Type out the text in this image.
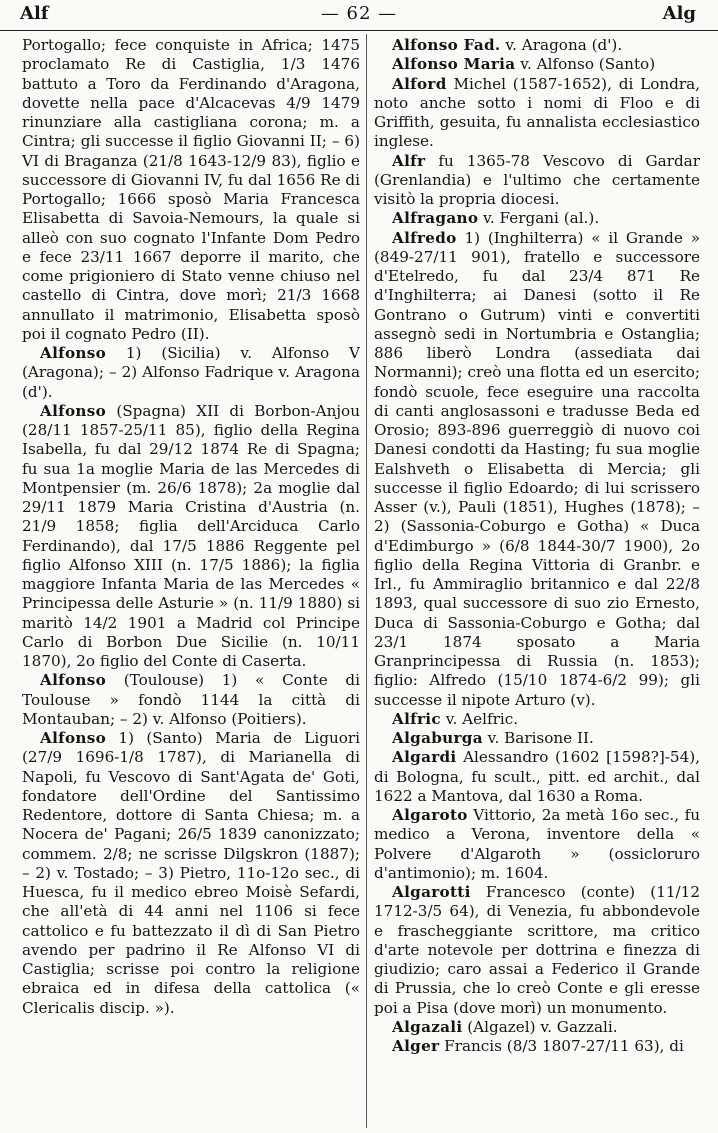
Alf	— 62 —	Alg

Portogallo; fece conquiste in Africa; 1475 proclamato Re di Castiglia, 1/3 1476 battuto a Toro da Ferdinando d'Aragona, dovette nella pace d'Alcacevas 4/9 1479 rinunziare alla castigliana corona; m. a Cintra; gli successe il figlio Giovanni II; – 6) VI di Braganza (21/8 1643-12/9 83), figlio e successore di Giovanni IV, fu dal 1656 Re di Portogallo; 1666 sposò Maria Francesca Elisabetta di Savoia-Nemours, la quale si alleò con suo cognato l'Infante Dom Pedro e fece 23/11 1667 deporre il marito, che come prigioniero di Stato venne chiuso nel castello di Cintra, dove morì; 21/3 1668 annullato il matrimonio, Elisabetta sposò poi il cognato Pedro (II).

Alfonso 1) (Sicilia) v. Alfonso V (Aragona); – 2) Alfonso Fadrique v. Aragona (d').

Alfonso (Spagna) XII di Borbon-Anjou (28/11 1857-25/11 85), figlio della Regina Isabella, fu dal 29/12 1874 Re di Spagna; fu sua 1a moglie Maria de las Mercedes di Montpensier (m. 26/6 1878); 2a moglie dal 29/11 1879 Maria Cristina d'Austria (n. 21/9 1858; figlia dell'Arciduca Carlo Ferdinando), dal 17/5 1886 Reggente pel figlio Alfonso XIII (n. 17/5 1886); la figlia maggiore Infanta Maria de las Mercedes « Principessa delle Asturie » (n. 11/9 1880) si maritò 14/2 1901 a Madrid col Principe Carlo di Borbon Due Sicilie (n. 10/11 1870), 2o figlio del Conte di Caserta.

Alfonso (Toulouse) 1) « Conte di Toulouse » fondò 1144 la città di Montauban; – 2) v. Alfonso (Poitiers).

Alfonso 1) (Santo) Maria de Liguori (27/9 1696-1/8 1787), di Marianella di Napoli, fu Vescovo di Sant'Agata de' Goti, fondatore dell'Ordine del Santissimo Redentore, dottore di Santa Chiesa; m. a Nocera de' Pagani; 26/5 1839 canonizzato; commem. 2/8; ne scrisse Dilgskron (1887); – 2) v. Tostado; – 3) Pietro, 11o-12o sec., di Huesca, fu il medico ebreo Moisè Sefardi, che all'età di 44 anni nel 1106 si fece cattolico e fu battezzato il dì di San Pietro avendo per padrino il Re Alfonso VI di Castiglia; scrisse poi contro la religione ebraica ed in difesa della cattolica (« Clericalis discip. »).

Alfonso Fad. v. Aragona (d').

Alfonso Maria v. Alfonso (Santo)

Alford Michel (1587-1652), di Londra, noto anche sotto i nomi di Floo e di Griffith, gesuita, fu annalista ecclesiastico inglese.

Alfr fu 1365-78 Vescovo di Gardar (Grenlandia) e l'ultimo che certamente visitò la propria diocesi.

Alfragano v. Fergani (al.).

Alfredo 1) (Inghilterra) « il Grande » (849-27/11 901), fratello e successore d'Etelredo, fu dal 23/4 871 Re d'Inghilterra; ai Danesi (sotto il Re Gontrano o Gutrum) vinti e convertiti assegnò sedi in Nortumbria e Ostanglia; 886 liberò Londra (assediata dai Normanni); creò una flotta ed un esercito; fondò scuole, fece eseguire una raccolta di canti anglosassoni e tradusse Beda ed Orosio; 893-896 guerreggiò di nuovo coi Danesi condotti da Hasting; fu sua moglie Ealshveth o Elisabetta di Mercia; gli successe il figlio Edoardo; di lui scrissero Asser (v.), Pauli (1851), Hughes (1878); – 2) (Sassonia-Coburgo e Gotha) « Duca d'Edimburgo » (6/8 1844-30/7 1900), 2o figlio della Regina Vittoria di Granbr. e Irl., fu Ammiraglio britannico e dal 22/8 1893, qual successore di suo zio Ernesto, Duca di Sassonia-Coburgo e Gotha; dal 23/1 1874 sposato a Maria Granprincipessa di Russia (n. 1853); figlio: Alfredo (15/10 1874-6/2 99); gli successe il nipote Arturo (v).

Alfric v. Aelfric.

Algaburga v. Barisone II.

Algardi Alessandro (1602 [1598?]-54), di Bologna, fu scult., pitt. ed archit., dal 1622 a Mantova, dal 1630 a Roma.

Algaroto Vittorio, 2a metà 16o sec., fu medico a Verona, inventore della « Polvere d'Algaroth » (ossicloruro d'antimonio); m. 1604.

Algarotti Francesco (conte) (11/12 1712-3/5 64), di Venezia, fu abbondevole e frascheggiante scrittore, ma critico d'arte notevole per dottrina e finezza di giudizio; caro assai a Federico il Grande di Prussia, che lo creò Conte e gli eresse poi a Pisa (dove morì) un monumento.

Algazali (Algazel) v. Gazzali.

Alger Francis (8/3 1807-27/11 63), di
